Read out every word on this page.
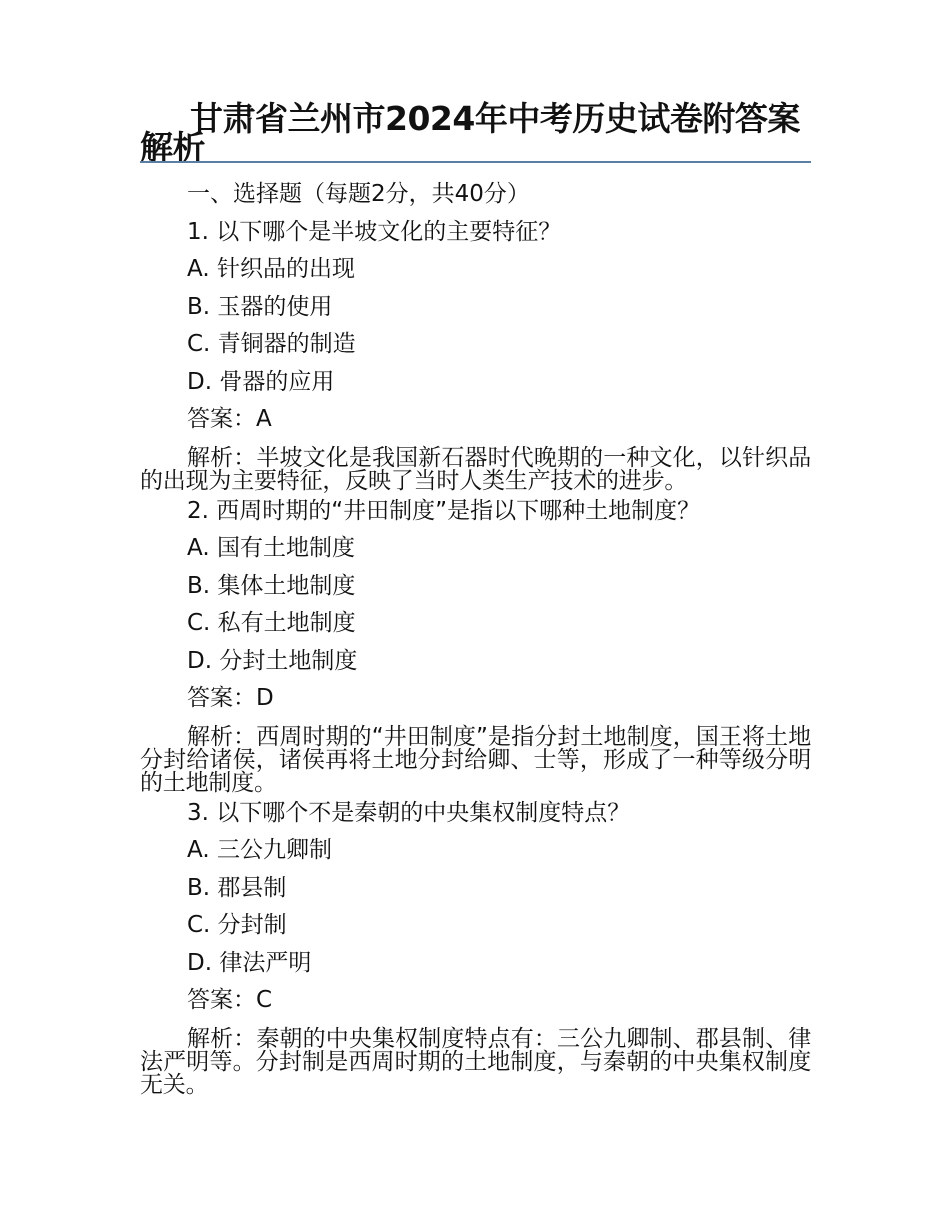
甘肃省兰州市2024年中考历史试卷附答案解析

一、选择题（每题2分，共40分）

1. 以下哪个是半坡文化的主要特征？

A. 针织品的出现

B. 玉器的使用

C. 青铜器的制造

D. 骨器的应用

答案：A

解析：半坡文化是我国新石器时代晚期的一种文化，以针织品的出现为主要特征，反映了当时人类生产技术的进步。

2. 西周时期的“井田制度”是指以下哪种土地制度？

A. 国有土地制度

B. 集体土地制度

C. 私有土地制度

D. 分封土地制度

答案：D

解析：西周时期的“井田制度”是指分封土地制度，国王将土地分封给诸侯，诸侯再将土地分封给卿、士等，形成了一种等级分明的土地制度。

3. 以下哪个不是秦朝的中央集权制度特点？

A. 三公九卿制

B. 郡县制

C. 分封制

D. 律法严明

答案：C

解析：秦朝的中央集权制度特点有：三公九卿制、郡县制、律法严明等。分封制是西周时期的土地制度，与秦朝的中央集权制度无关。
